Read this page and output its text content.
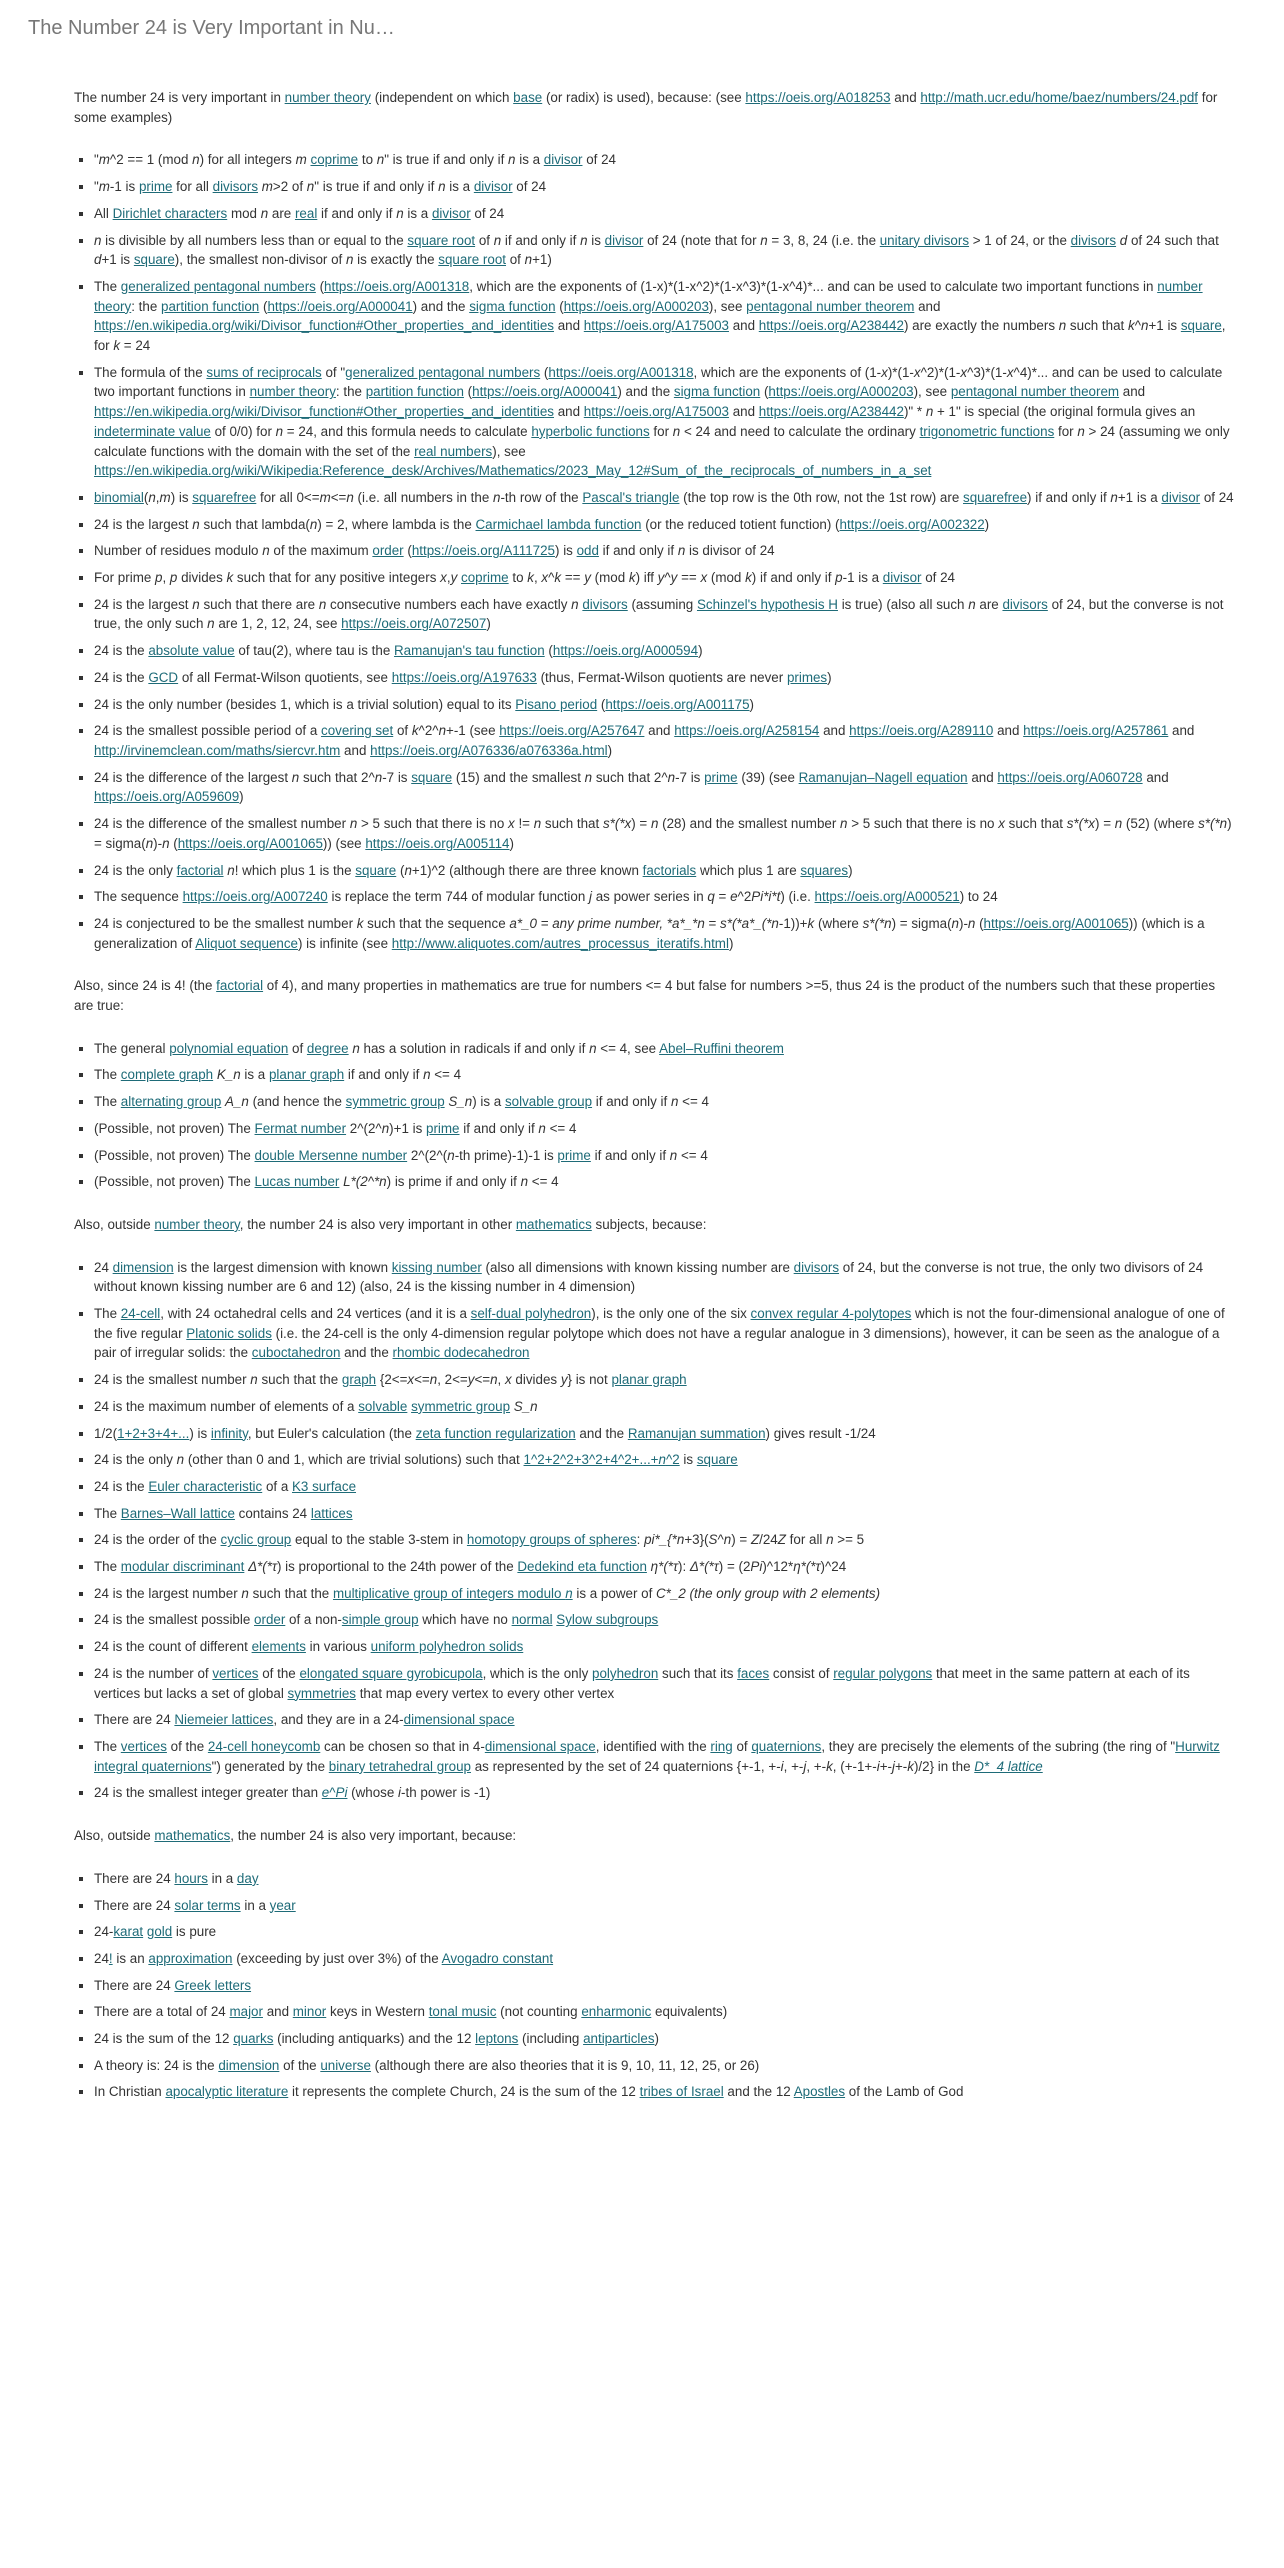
The Number 24 is Very Important in Nu…

The number 24 is very important in number theory (independent on which base (or radix) is used), because: (see https://oeis.org/A018253 and http://math.ucr.edu/home/baez/numbers/24.pdf for some examples)

▪ "m^2 == 1 (mod n) for all integers m coprime to n" is true if and only if n is a divisor of 24
▪ "m-1 is prime for all divisors m>2 of n" is true if and only if n is a divisor of 24
▪ All Dirichlet characters mod n are real if and only if n is a divisor of 24
▪ n is divisible by all numbers less than or equal to the square root of n if and only if n is divisor of 24 (note that for n = 3, 8, 24 (i.e. the unitary divisors > 1 of 24, or the divisors d of 24 such that d+1 is square), the smallest non-divisor of n is exactly the square root of n+1)
▪ The generalized pentagonal numbers (https://oeis.org/A001318, which are the exponents of (1-x)*(1-x^2)*(1-x^3)*(1-x^4)*... and can be used to calculate two important functions in number theory: the partition function (https://oeis.org/A000041) and the sigma function (https://oeis.org/A000203), see pentagonal number theorem and https://en.wikipedia.org/wiki/Divisor_function#Other_properties_and_identities and https://oeis.org/A175003 and https://oeis.org/A238442) are exactly the numbers n such that k^n+1 is square, for k = 24
▪ The formula of the sums of reciprocals of "generalized pentagonal numbers (https://oeis.org/A001318, which are the exponents of (1-x)*(1-x^2)*(1-x^3)*(1-x^4)*... and can be used to calculate two important functions in number theory: the partition function (https://oeis.org/A000041) and the sigma function (https://oeis.org/A000203), see pentagonal number theorem and https://en.wikipedia.org/wiki/Divisor_function#Other_properties_and_identities and https://oeis.org/A175003 and https://oeis.org/A238442)" * n + 1" is special (the original formula gives an indeterminate value of 0/0) for n = 24, and this formula needs to calculate hyperbolic functions for n < 24 and need to calculate the ordinary trigonometric functions for n > 24 (assuming we only calculate functions with the domain with the set of the real numbers), see https://en.wikipedia.org/wiki/Wikipedia:Reference_desk/Archives/Mathematics/2023_May_12#Sum_of_the_reciprocals_of_numbers_in_a_set
▪ binomial(n,m) is squarefree for all 0<=m<=n (i.e. all numbers in the n-th row of the Pascal's triangle (the top row is the 0th row, not the 1st row) are squarefree) if and only if n+1 is a divisor of 24
▪ 24 is the largest n such that lambda(n) = 2, where lambda is the Carmichael lambda function (or the reduced totient function) (https://oeis.org/A002322)
▪ Number of residues modulo n of the maximum order (https://oeis.org/A111725) is odd if and only if n is divisor of 24
▪ For prime p, p divides k such that for any positive integers x,y coprime to k, x^k == y (mod k) iff y^y == x (mod k) if and only if p-1 is a divisor of 24
▪ 24 is the largest n such that there are n consecutive numbers each have exactly n divisors (assuming Schinzel's hypothesis H is true) (also all such n are divisors of 24, but the converse is not true, the only such n are 1, 2, 12, 24, see https://oeis.org/A072507)
▪ 24 is the absolute value of tau(2), where tau is the Ramanujan's tau function (https://oeis.org/A000594)
▪ 24 is the GCD of all Fermat-Wilson quotients, see https://oeis.org/A197633 (thus, Fermat-Wilson quotients are never primes)
▪ 24 is the only number (besides 1, which is a trivial solution) equal to its Pisano period (https://oeis.org/A001175)
▪ 24 is the smallest possible period of a covering set of k^2^n+-1 (see https://oeis.org/A257647 and https://oeis.org/A258154 and https://oeis.org/A289110 and https://oeis.org/A257861 and http://irvinemclean.com/maths/siercvr.htm and https://oeis.org/A076336/a076336a.html)
▪ 24 is the difference of the largest n such that 2^n-7 is square (15) and the smallest n such that 2^n-7 is prime (39) (see Ramanujan–Nagell equation and https://oeis.org/A060728 and https://oeis.org/A059609)
▪ 24 is the difference of the smallest number n > 5 such that there is no x != n such that s*(*x) = n (28) and the smallest number n > 5 such that there is no x such that s*(*x) = n (52) (where s*(*n) = sigma(n)-n (https://oeis.org/A001065)) (see https://oeis.org/A005114)
▪ 24 is the only factorial n! which plus 1 is the square (n+1)^2 (although there are three known factorials which plus 1 are squares)
▪ The sequence https://oeis.org/A007240 is replace the term 744 of modular function j as power series in q = e^2Pi*i*t) (i.e. https://oeis.org/A000521) to 24
▪ 24 is conjectured to be the smallest number k such that the sequence a*_0 = any prime number, *a*_*n = s*(*a*_(*n-1))+k (where s*(*n) = sigma(n)-n (https://oeis.org/A001065)) (which is a generalization of Aliquot sequence) is infinite (see http://www.aliquotes.com/autres_processus_iteratifs.html)

Also, since 24 is 4! (the factorial of 4), and many properties in mathematics are true for numbers <= 4 but false for numbers >=5, thus 24 is the product of the numbers such that these properties are true:

▪ The general polynomial equation of degree n has a solution in radicals if and only if n <= 4, see Abel–Ruffini theorem
▪ The complete graph K_n is a planar graph if and only if n <= 4
▪ The alternating group A_n (and hence the symmetric group S_n) is a solvable group if and only if n <= 4
▪ (Possible, not proven) The Fermat number 2^(2^n)+1 is prime if and only if n <= 4
▪ (Possible, not proven) The double Mersenne number 2^(2^(n-th prime)-1)-1 is prime if and only if n <= 4
▪ (Possible, not proven) The Lucas number L*(2^*n) is prime if and only if n <= 4

Also, outside number theory, the number 24 is also very important in other mathematics subjects, because:

▪ 24 dimension is the largest dimension with known kissing number (also all dimensions with known kissing number are divisors of 24, but the converse is not true, the only two divisors of 24 without known kissing number are 6 and 12) (also, 24 is the kissing number in 4 dimension)
▪ The 24-cell, with 24 octahedral cells and 24 vertices (and it is a self-dual polyhedron), is the only one of the six convex regular 4-polytopes which is not the four-dimensional analogue of one of the five regular Platonic solids (i.e. the 24-cell is the only 4-dimension regular polytope which does not have a regular analogue in 3 dimensions), however, it can be seen as the analogue of a pair of irregular solids: the cuboctahedron and the rhombic dodecahedron
▪ 24 is the smallest number n such that the graph {2<=x<=n, 2<=y<=n, x divides y} is not planar graph
▪ 24 is the maximum number of elements of a solvable symmetric group S_n
▪ 1/2(1+2+3+4+...) is infinity, but Euler's calculation (the zeta function regularization and the Ramanujan summation) gives result -1/24
▪ 24 is the only n (other than 0 and 1, which are trivial solutions) such that 1^2+2^2+3^2+4^2+...+n^2 is square
▪ 24 is the Euler characteristic of a K3 surface
▪ The Barnes–Wall lattice contains 24 lattices
▪ 24 is the order of the cyclic group equal to the stable 3-stem in homotopy groups of spheres: pi*_{*n+3}(S^n) = Z/24Z for all n >= 5
▪ The modular discriminant Δ*(*τ) is proportional to the 24th power of the Dedekind eta function η*(*τ): Δ*(*τ) = (2Pi)^12*η*(*τ)^24
▪ 24 is the largest number n such that the multiplicative group of integers modulo n is a power of C*_2 (the only group with 2 elements)
▪ 24 is the smallest possible order of a non-simple group which have no normal Sylow subgroups
▪ 24 is the count of different elements in various uniform polyhedron solids
▪ 24 is the number of vertices of the elongated square gyrobicupola, which is the only polyhedron such that its faces consist of regular polygons that meet in the same pattern at each of its vertices but lacks a set of global symmetries that map every vertex to every other vertex
▪ There are 24 Niemeier lattices, and they are in a 24-dimensional space
▪ The vertices of the 24-cell honeycomb can be chosen so that in 4-dimensional space, identified with the ring of quaternions, they are precisely the elements of the subring (the ring of "Hurwitz integral quaternions") generated by the binary tetrahedral group as represented by the set of 24 quaternions {+-1, +-i, +-j, +-k, (+-1+-i+-j+-k)/2} in the D*_4 lattice
▪ 24 is the smallest integer greater than e^Pi (whose i-th power is -1)

Also, outside mathematics, the number 24 is also very important, because:

▪ There are 24 hours in a day
▪ There are 24 solar terms in a year
▪ 24-karat gold is pure
▪ 24! is an approximation (exceeding by just over 3%) of the Avogadro constant
▪ There are 24 Greek letters
▪ There are a total of 24 major and minor keys in Western tonal music (not counting enharmonic equivalents)
▪ 24 is the sum of the 12 quarks (including antiquarks) and the 12 leptons (including antiparticles)
▪ A theory is: 24 is the dimension of the universe (although there are also theories that it is 9, 10, 11, 12, 25, or 26)
▪ In Christian apocalyptic literature it represents the complete Church, 24 is the sum of the 12 tribes of Israel and the 12 Apostles of the Lamb of God
